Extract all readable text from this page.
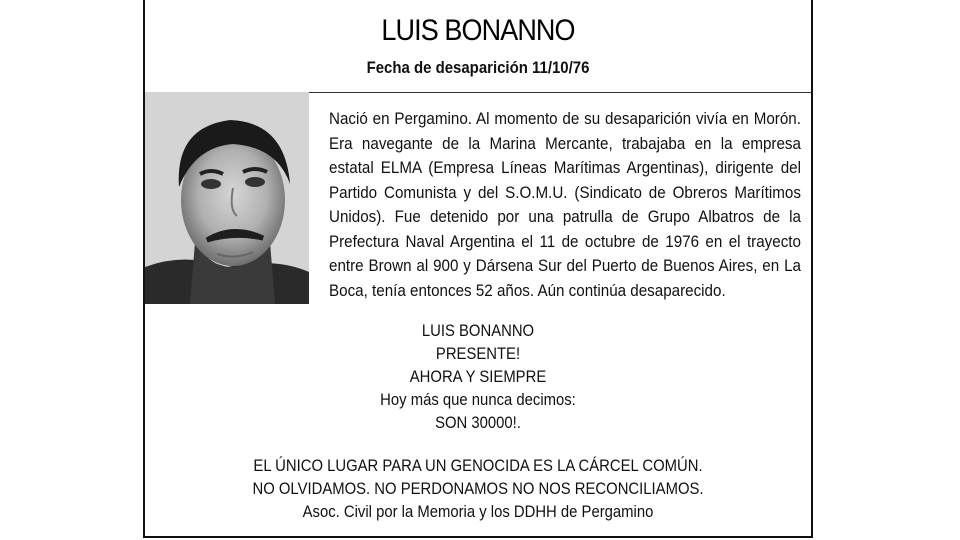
LUIS BONANNO
Fecha de desaparición 11/10/76
Nació en Pergamino. Al momento de su desaparición vivía en Morón. Era navegante de la Marina Mercante, trabajaba en la empresa estatal ELMA (Empresa Líneas Marítimas Argentinas), dirigente del Partido Comunista y del S.O.M.U. (Sindicato de Obreros Marítimos Unidos). Fue detenido por una patrulla de Grupo Albatros de la Prefectura Naval Argentina el 11 de octubre de 1976 en el trayecto entre Brown al 900 y Dársena Sur del Puerto de Buenos Aires, en La Boca, tenía entonces 52 años. Aún continúa desaparecido.
LUIS BONANNO
PRESENTE!
AHORA Y SIEMPRE
Hoy más que nunca decimos:
SON 30000!.
EL ÚNICO LUGAR PARA UN GENOCIDA ES LA CÁRCEL COMÚN.
NO OLVIDAMOS. NO PERDONAMOS NO NOS RECONCILIAMOS.
Asoc. Civil por la Memoria y los DDHH de Pergamino
